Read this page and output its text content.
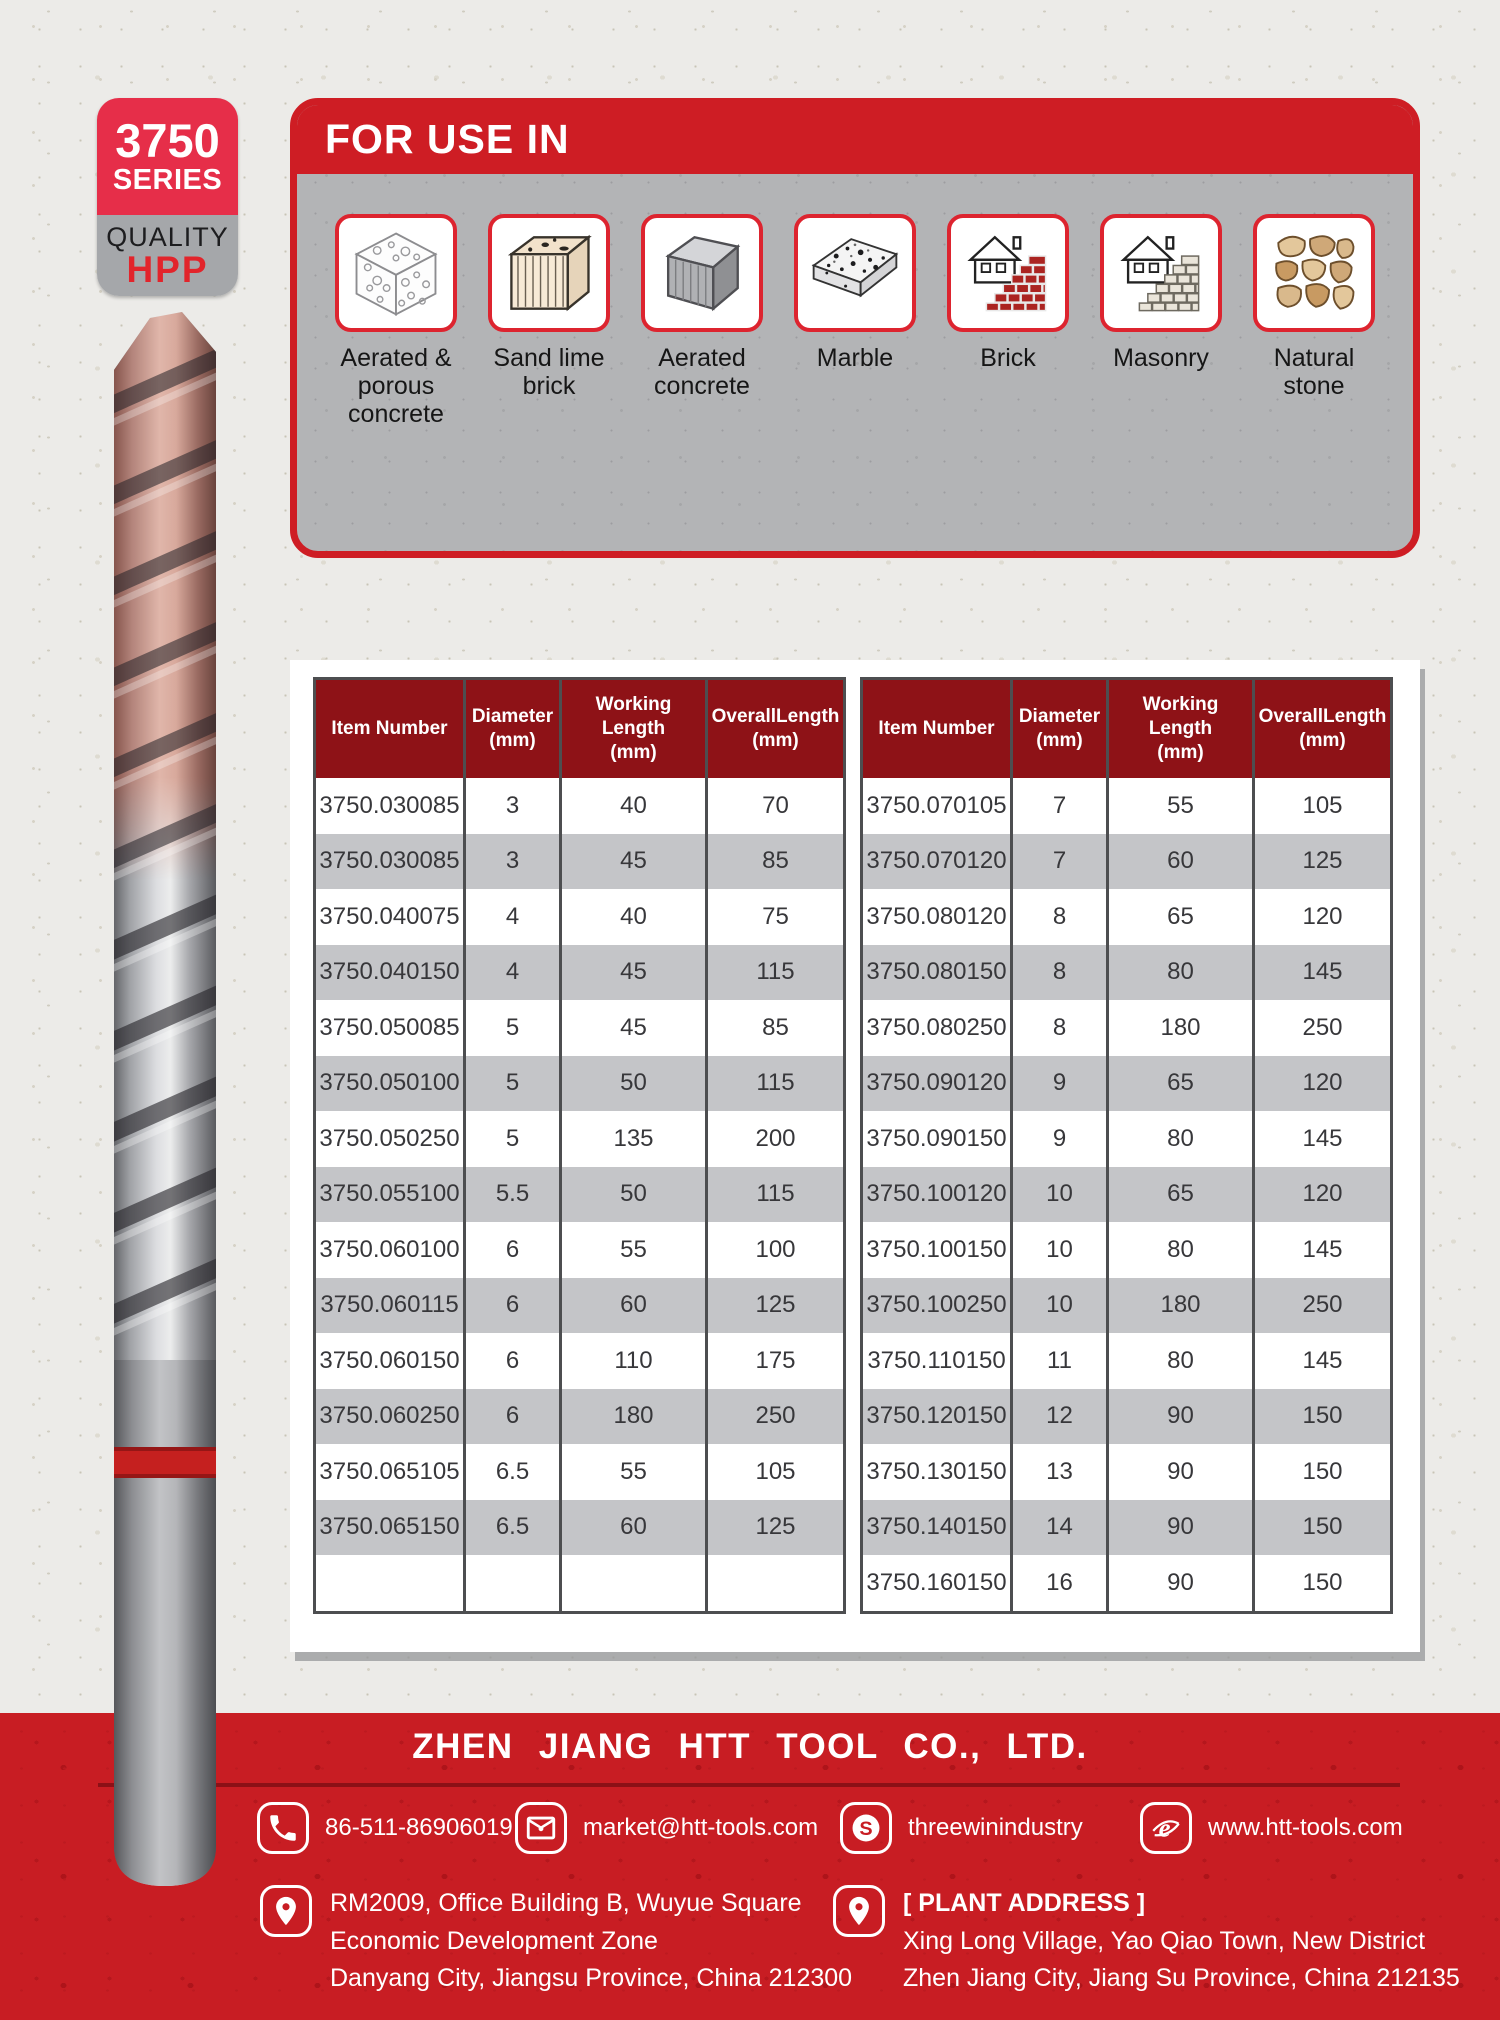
3750
SERIES
QUALITY
HPP
FOR USE IN
Aerated & porous concrete
Sand lime brick
Aerated concrete
Marble	Brick	Masonry	Natural stone
Item Number

Diameter
(mm)

Working Length
(mm)

OverallLength
(mm)

3750.030085	3	40	70
3750.030085	3	45	85
3750.040075	4	40	75
3750.040150	4	45	115
3750.050085	5	45	85
3750.050100	5	50	115
3750.050250	5	135	200
3750.055100	5.5	50	115
3750.060100	6	55	100
3750.060115	6	60	125
3750.060150	6	110	175
3750.060250	6	180	250
3750.065105	6.5	55	105
3750.065150	6.5	60	125

Item Number

Diameter
(mm)

Working Length
(mm)

OverallLength
(mm)

3750.070105	7	55	105
3750.070120	7	60	125
3750.080120	8	65	120
3750.080150	8	80	145
3750.080250	8	180	250
3750.090120	9	65	120
3750.090150	9	80	145
3750.100120	10	65	120
3750.100150	10	80	145
3750.100250	10	180	250
3750.110150	11	80	145
3750.120150	12	90	150
3750.130150	13	90	150
3750.140150	14	90	150
3750.160150	16	90	150
ZHEN JIANG HTT TOOL CO., LTD.
86-511-86906019	market@htt-tools.com	S threewinindustry	e www.htt-tools.com
RM2009, Office Building B, Wuyue Square
Economic Development Zone
Danyang City, Jiangsu Province, China 212300
[ PLANT ADDRESS ]
Xing Long Village, Yao Qiao Town, New District
Zhen Jiang City, Jiang Su Province, China 212135
